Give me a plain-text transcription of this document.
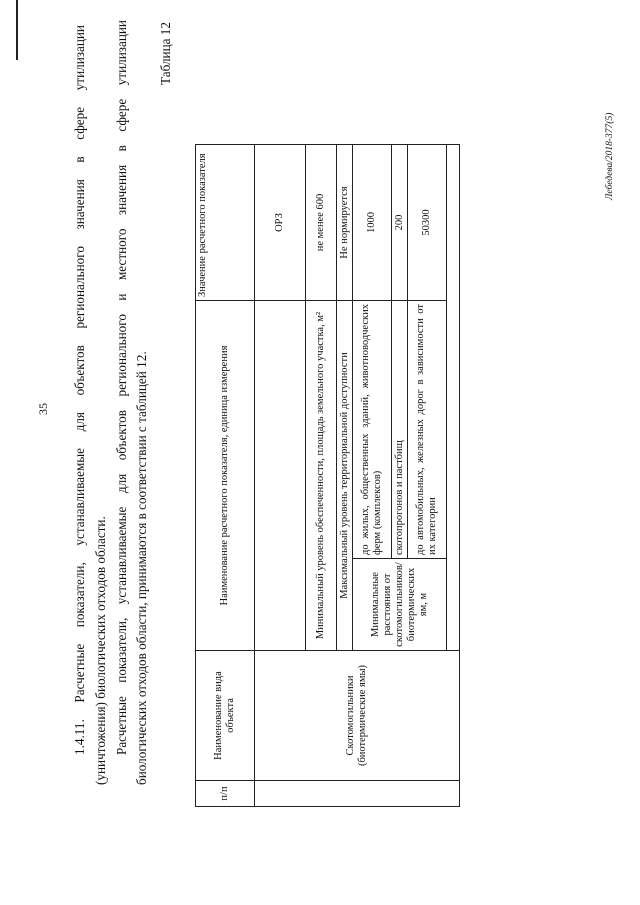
35 1.4.11. Расчетные показатели, устанавливаемые для объектов регионального значения в сфере утилизации (уничтожения) биологических отходов области. Расчетные показатели, устанавливаемые для объектов регионального и местного значения в сфере утилизации биологических отходов области, принимаются в соответствии с таблицей 12.
Таблица 12
п/п	Наименование вида объекта	Наименование расчетного показателя, единица измерения		Значение расчетного показателя
	Скотомогильники (биотермические ямы)			ОРЗ
		Минимальный уровень обеспеченности, площадь земельного участка, м²		не менее 600
		Максимальный уровень территориальной доступности		Не нормируется
		Минимальные расстояния от скотомогильников/биотермических ям, м	до жилых, общественных зданий, животноводческих ферм (комплексов)	1000
			скотопрогонов и пастбищ	200
			до автомобильных, железных дорог в зависимости от их категории	50300

Лебедева/2018-377(5)
